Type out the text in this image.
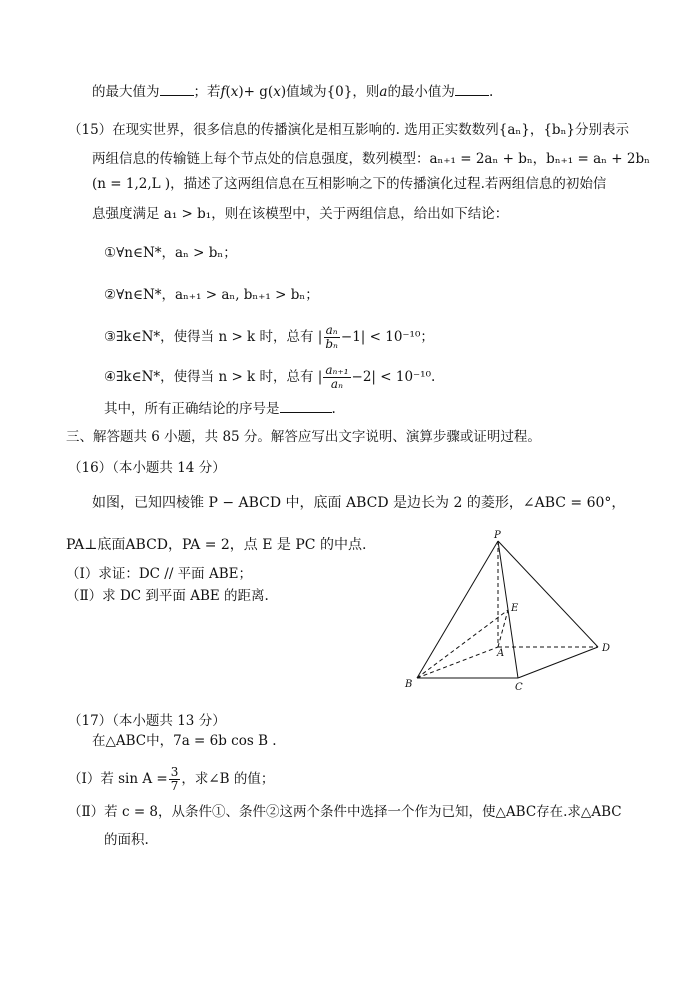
的最大值为	；若f(x)+ g(x)值域为{0}，则a的最小值为	.
（15）在现实世界，很多信息的传播演化是相互影响的. 选用正实数数列{aₙ}，{bₙ}分别表示
两组信息的传输链上每个节点处的信息强度，数列模型：aₙ₊₁ = 2aₙ + bₙ，bₙ₊₁ = aₙ + 2bₙ
(n = 1,2,L )，描述了这两组信息在互相影响之下的传播演化过程.若两组信息的初始信
息强度满足 a₁ > b₁，则在该模型中，关于两组信息，给出如下结论：
①∀n∈N*，aₙ > bₙ；
②∀n∈N*，aₙ₊₁ > aₙ, bₙ₊₁ > bₙ；
③∃k∈N*，使得当 n > k 时，总有 | $\frac{\text{aₙ}}{\text{bₙ}} -1| < 10^{-10}$；
④∃k∈N*，使得当 n > k 时，总有 | $\frac{\text{aₙ₊₁}}{\text{aₙ}} -2| < 10^{-10}$.
其中，所有正确结论的序号是	.
三、解答题共 6 小题，共 85 分。解答应写出文字说明、演算步骤或证明过程。
（16）（本小题共 14 分）
如图，已知四棱锥 P − ABCD 中，底面 ABCD 是边长为 2 的菱形，∠ABC = 60°，
PA⊥底面ABCD，PA = 2，点 E 是 PC 的中点.
（Ⅰ）求证：DC // 平面 ABE；
（Ⅱ）求 DC 到平面 ABE 的距离.
P
E
A	D
B	C
（17）（本小题共 13 分）
在△ABC中，7a = 6b cos B .
（Ⅰ）若 $\sin A = \frac{3}{7}$ ，求∠B 的值；
（Ⅱ）若 c = 8，从条件①、条件②这两个条件中选择一个作为已知，使△ABC存在.求△ABC
的面积.
